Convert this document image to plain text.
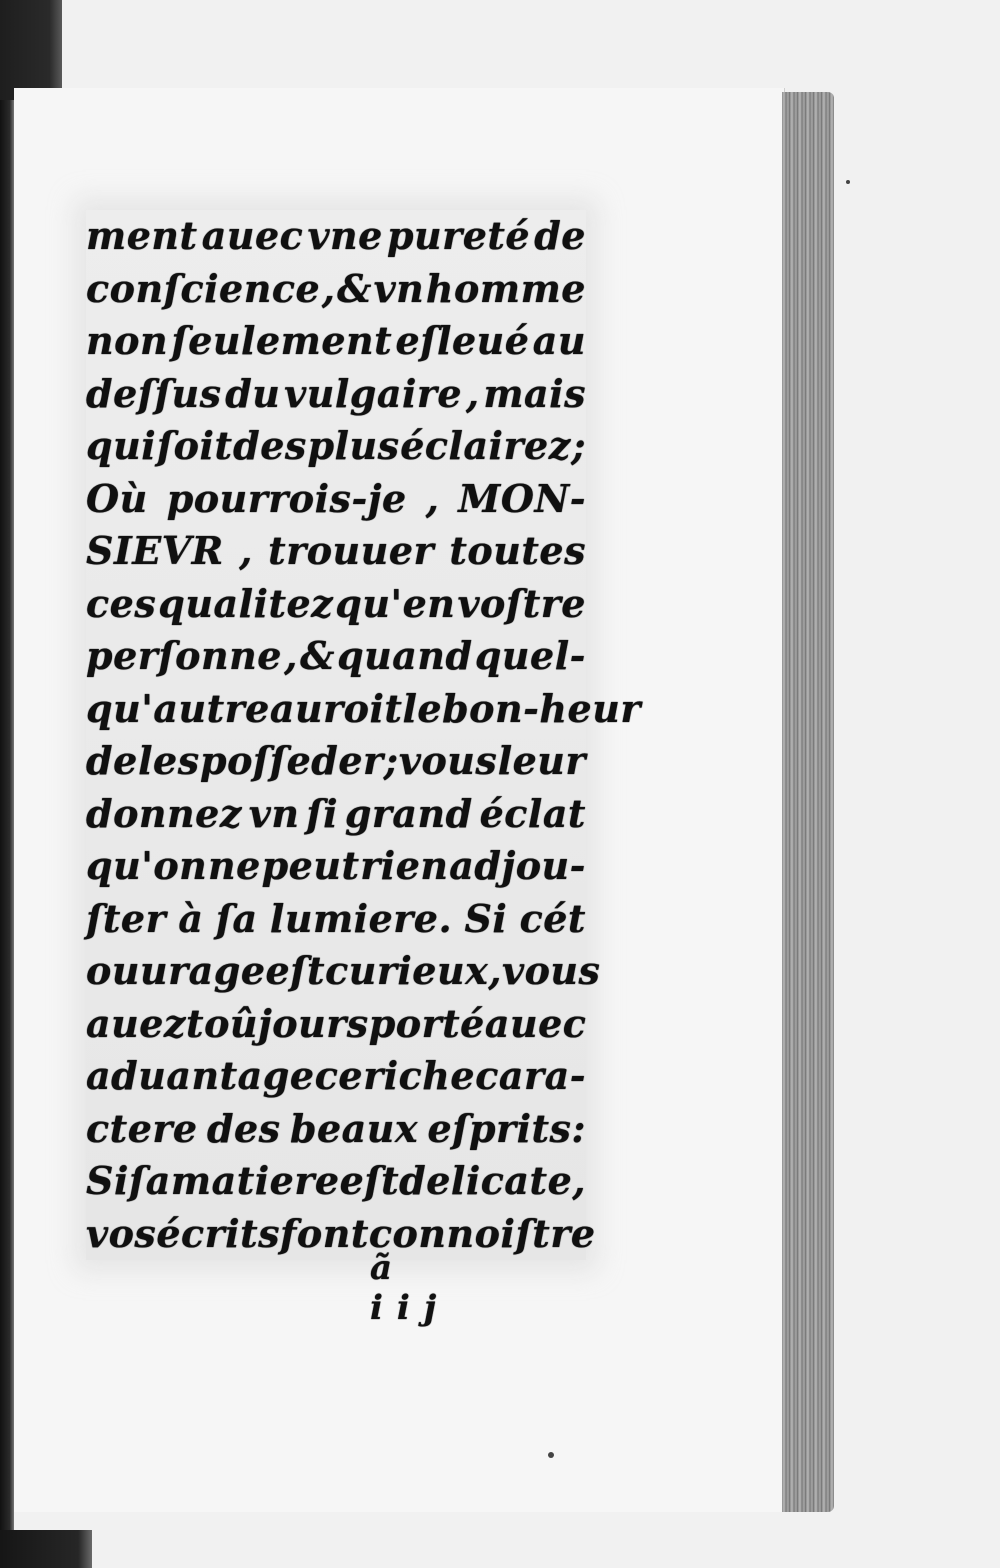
ment auec vne pureté de
conſcience , & vn homme
non ſeulement eſleué au
deſſus du vulgaire , mais
qui ſoit des plus éclairez ;
Où pourrois-je , MON-
SIEVR , trouuer toutes
ces qualitez qu'en voſtre
perſonne , & quand quel-
qu'autre auroit le bon-heur
de les poſſeder ; vous leur
donnez vn ſi grand éclat
qu'on ne peut rien adjou-
ſter à ſa lumiere. Si cét
ouurage eſt curieux , vous
auez toûjours porté auec
aduantage ce riche cara-
ctere des beaux eſprits:
Si ſa matiere eſt delicate,
vos écrits font connoiſtre
ã iij
